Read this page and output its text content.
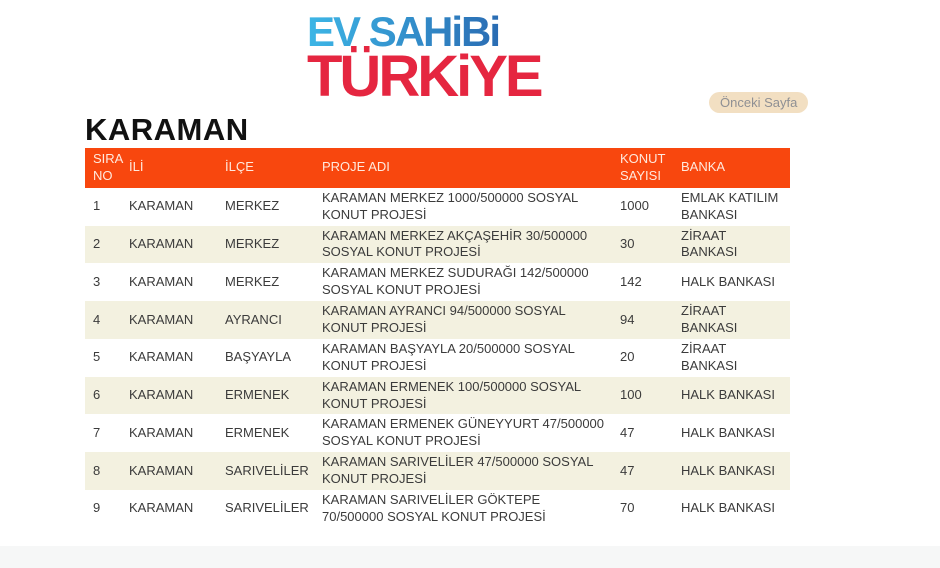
EV SAHiBi
TÜRKiYE	Önceki Sayfa
KARAMAN
SIRA NO	İLİ	İLÇE	PROJE ADI	KONUT SAYISI	BANKA
1	KARAMAN	MERKEZ	KARAMAN MERKEZ 1000/500000 SOSYAL KONUT PROJESİ	1000	EMLAK KATILIM BANKASI
2	KARAMAN	MERKEZ	KARAMAN MERKEZ AKÇAŞEHİR 30/500000 SOSYAL KONUT PROJESİ	30	ZİRAAT BANKASI
3	KARAMAN	MERKEZ	KARAMAN MERKEZ SUDURAĞI 142/500000 SOSYAL KONUT PROJESİ	142	HALK BANKASI
4	KARAMAN	AYRANCI	KARAMAN AYRANCI 94/500000 SOSYAL KONUT PROJESİ	94	ZİRAAT BANKASI
5	KARAMAN	BAŞYAYLA	KARAMAN BAŞYAYLA 20/500000 SOSYAL KONUT PROJESİ	20	ZİRAAT BANKASI
6	KARAMAN	ERMENEK	KARAMAN ERMENEK 100/500000 SOSYAL KONUT PROJESİ	100	HALK BANKASI
7	KARAMAN	ERMENEK	KARAMAN ERMENEK GÜNEYYURT 47/500000 SOSYAL KONUT PROJESİ	47	HALK BANKASI
8	KARAMAN	SARIVELİLER	KARAMAN SARIVELİLER 47/500000 SOSYAL KONUT PROJESİ	47	HALK BANKASI
9	KARAMAN	SARIVELİLER	KARAMAN SARIVELİLER GÖKTEPE 70/500000 SOSYAL KONUT PROJESİ	70	HALK BANKASI
